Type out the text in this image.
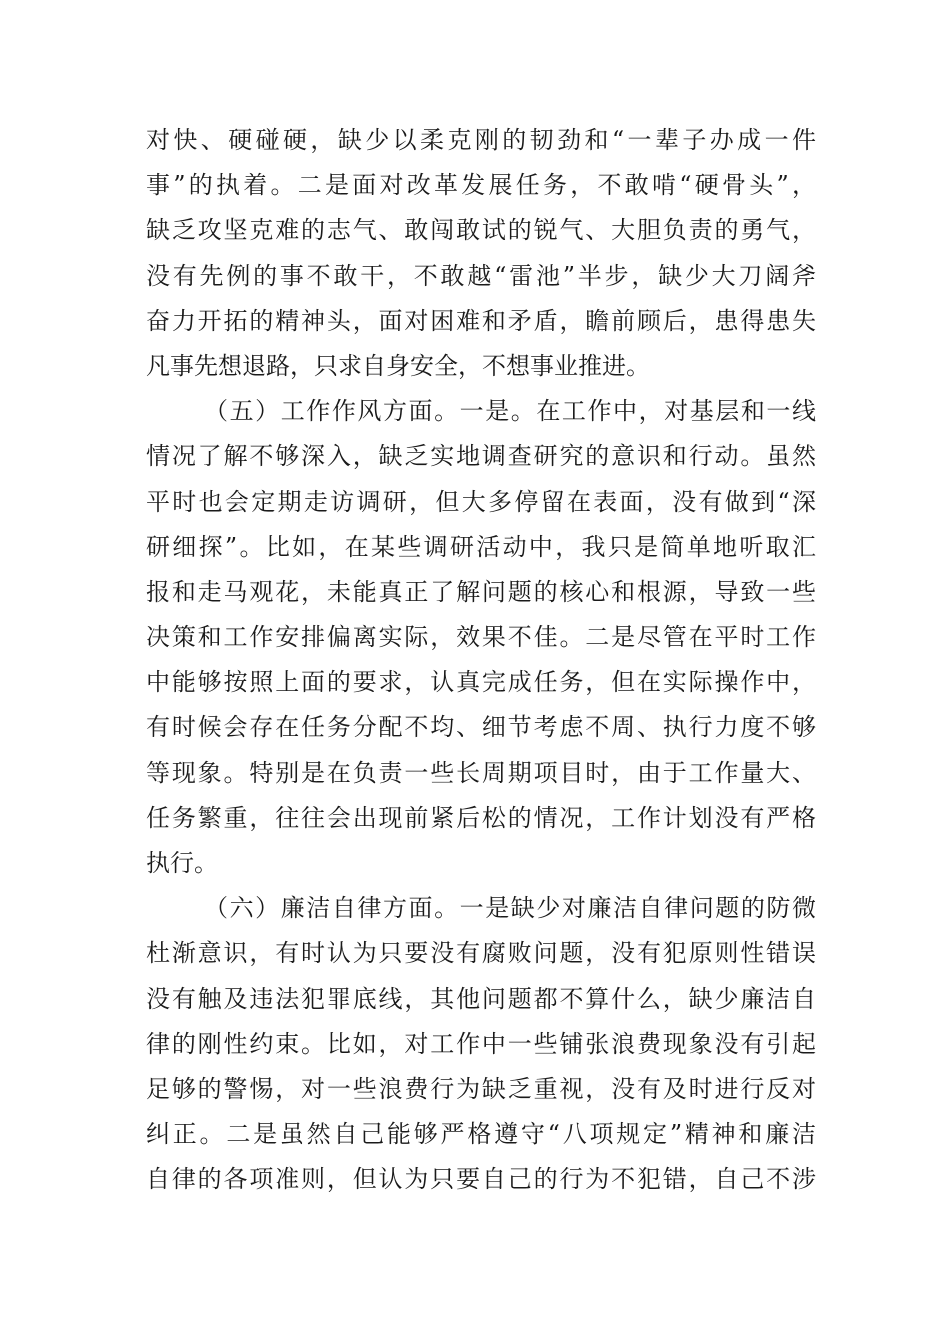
对快、硬碰硬，缺少以柔克刚的韧劲和“一辈子办成一件
事”的执着。二是面对改革发展任务，不敢啃“硬骨头”，
缺乏攻坚克难的志气、敢闯敢试的锐气、大胆负责的勇气，
没有先例的事不敢干，不敢越“雷池”半步，缺少大刀阔斧
奋力开拓的精神头，面对困难和矛盾，瞻前顾后，患得患失
凡事先想退路，只求自身安全，不想事业推进。
（五）工作作风方面。一是。在工作中，对基层和一线
情况了解不够深入，缺乏实地调查研究的意识和行动。虽然
平时也会定期走访调研，但大多停留在表面，没有做到“深
研细探”。比如，在某些调研活动中，我只是简单地听取汇
报和走马观花，未能真正了解问题的核心和根源，导致一些
决策和工作安排偏离实际，效果不佳。二是尽管在平时工作
中能够按照上面的要求，认真完成任务，但在实际操作中，
有时候会存在任务分配不均、细节考虑不周、执行力度不够
等现象。特别是在负责一些长周期项目时，由于工作量大、
任务繁重，往往会出现前紧后松的情况，工作计划没有严格
执行。
（六）廉洁自律方面。一是缺少对廉洁自律问题的防微
杜渐意识，有时认为只要没有腐败问题，没有犯原则性错误
没有触及违法犯罪底线，其他问题都不算什么，缺少廉洁自
律的刚性约束。比如，对工作中一些铺张浪费现象没有引起
足够的警惕，对一些浪费行为缺乏重视，没有及时进行反对
纠正。二是虽然自己能够严格遵守“八项规定”精神和廉洁
自律的各项准则，但认为只要自己的行为不犯错，自己不涉
